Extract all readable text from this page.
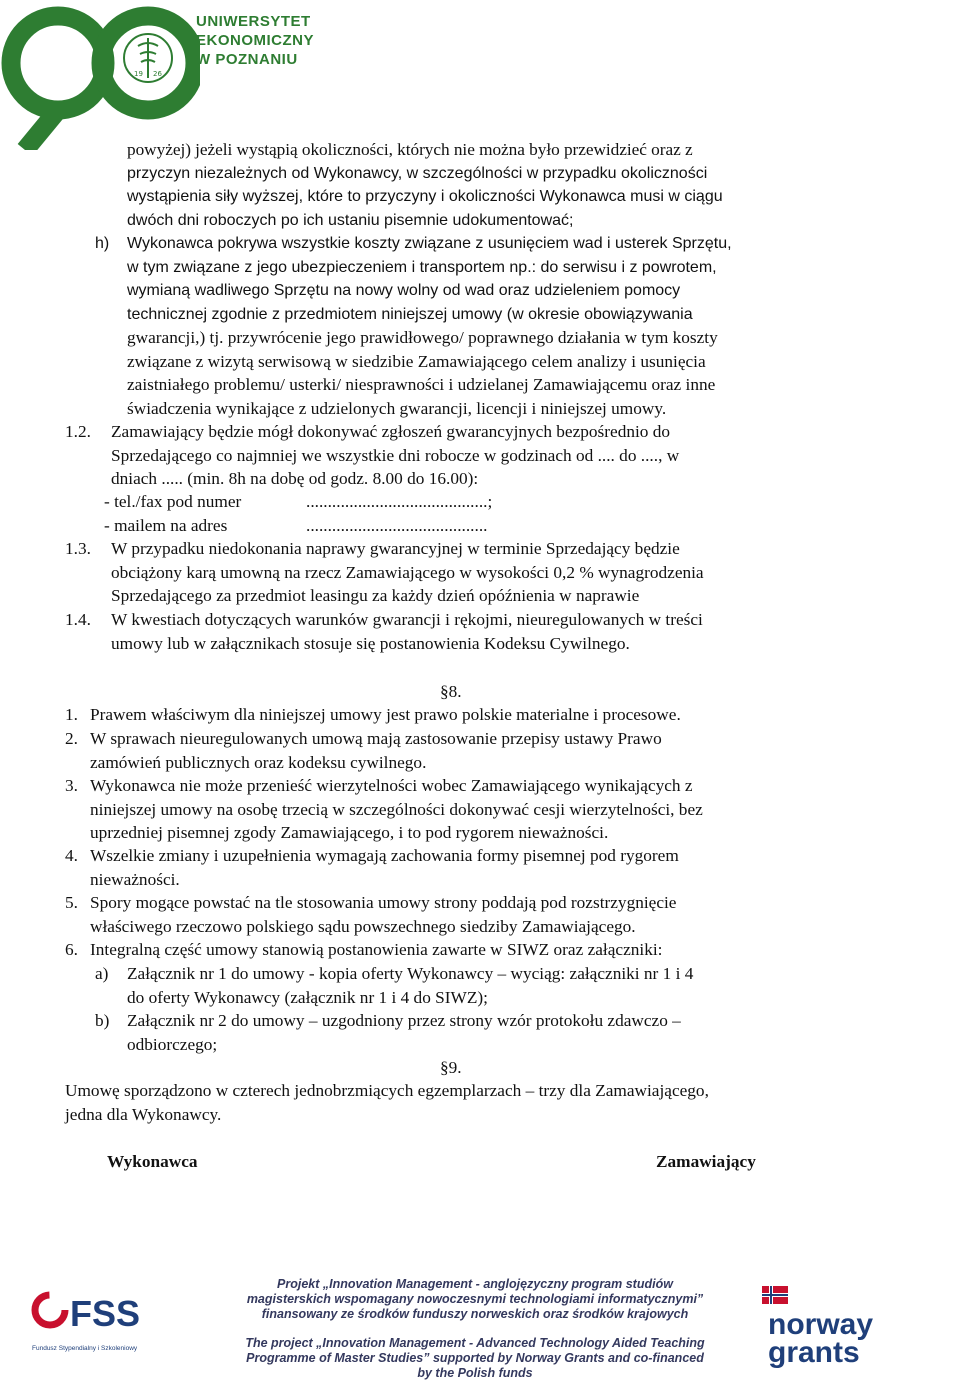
19 26
UNIWERSYTET
EKONOMICZNY
W POZNANIU
powyżej) jeżeli wystąpią okoliczności, których nie można było przewidzieć oraz z
przyczyn niezależnych od Wykonawcy, w szczególności w przypadku okoliczności
wystąpienia siły wyższej, które to przyczyny i okoliczności Wykonawca musi w ciągu
dwóch dni roboczych po ich ustaniu pisemnie udokumentować;
h) Wykonawca pokrywa wszystkie koszty związane z usunięciem wad i usterek Sprzętu,
w tym związane z jego ubezpieczeniem i transportem np.: do serwisu i z powrotem,
wymianą wadliwego Sprzętu na nowy wolny od wad oraz udzieleniem pomocy
technicznej zgodnie z przedmiotem niniejszej umowy (w okresie obowiązywania
gwarancji,) tj. przywrócenie jego prawidłowego/ poprawnego działania w tym koszty
związane z wizytą serwisową w siedzibie Zamawiającego celem analizy i usunięcia
zaistniałego problemu/ usterki/ niesprawności i udzielanej Zamawiającemu oraz inne
świadczenia wynikające z udzielonych gwarancji, licencji i niniejszej umowy.
1.2. Zamawiający będzie mógł dokonywać zgłoszeń gwarancyjnych bezpośrednio do
Sprzedającego co najmniej we wszystkie dni robocze w godzinach od .... do ...., w
dniach ..... (min. 8h na dobę od godz. 8.00 do 16.00):
- tel./fax pod numer	..........................................;
- mailem na adres	..........................................
1.3. W przypadku niedokonania naprawy gwarancyjnej w terminie Sprzedający będzie
obciążony karą umowną na rzecz Zamawiającego w wysokości 0,2 % wynagrodzenia
Sprzedającego za przedmiot leasingu za każdy dzień opóźnienia w naprawie
1.4. W kwestiach dotyczących warunków gwarancji i rękojmi, nieuregulowanych w treści
umowy lub w załącznikach stosuje się postanowienia Kodeksu Cywilnego.
§8.
1. Prawem właściwym dla niniejszej umowy jest prawo polskie materialne i procesowe.
2. W sprawach nieuregulowanych umową mają zastosowanie przepisy ustawy Prawo
zamówień publicznych oraz kodeksu cywilnego.
3. Wykonawca nie może przenieść wierzytelności wobec Zamawiającego wynikających z
niniejszej umowy na osobę trzecią w szczególności dokonywać cesji wierzytelności, bez
uprzedniej pisemnej zgody Zamawiającego, i to pod rygorem nieważności.
4. Wszelkie zmiany i uzupełnienia wymagają zachowania formy pisemnej pod rygorem
nieważności.
5. Spory mogące powstać na tle stosowania umowy strony poddają pod rozstrzygnięcie
właściwego rzeczowo polskiego sądu powszechnego siedziby Zamawiającego.
6. Integralną część umowy stanowią postanowienia zawarte w SIWZ oraz załączniki:
a) Załącznik nr 1 do umowy - kopia oferty Wykonawcy – wyciąg: załączniki nr 1 i 4
do oferty Wykonawcy (załącznik nr 1 i 4 do SIWZ);
b) Załącznik nr 2 do umowy – uzgodniony przez strony wzór protokołu zdawczo –
odbiorczego;
§9.
Umowę sporządzono w czterech jednobrzmiących egzemplarzach – trzy dla Zamawiającego,
jedna dla Wykonawcy.
Wykonawca	Zamawiający
FSS
Fundusz Stypendialny i Szkoleniowy
Projekt „Innovation Management - anglojęzyczny program studiów
magisterskich wspomagany nowoczesnymi technologiami informatycznymi”
finansowany ze środków funduszy norweskich oraz środków krajowych
The project „Innovation Management - Advanced Technology Aided Teaching
Programme of Master Studies” supported by Norway Grants and co-financed
by the Polish funds
norway
grants
